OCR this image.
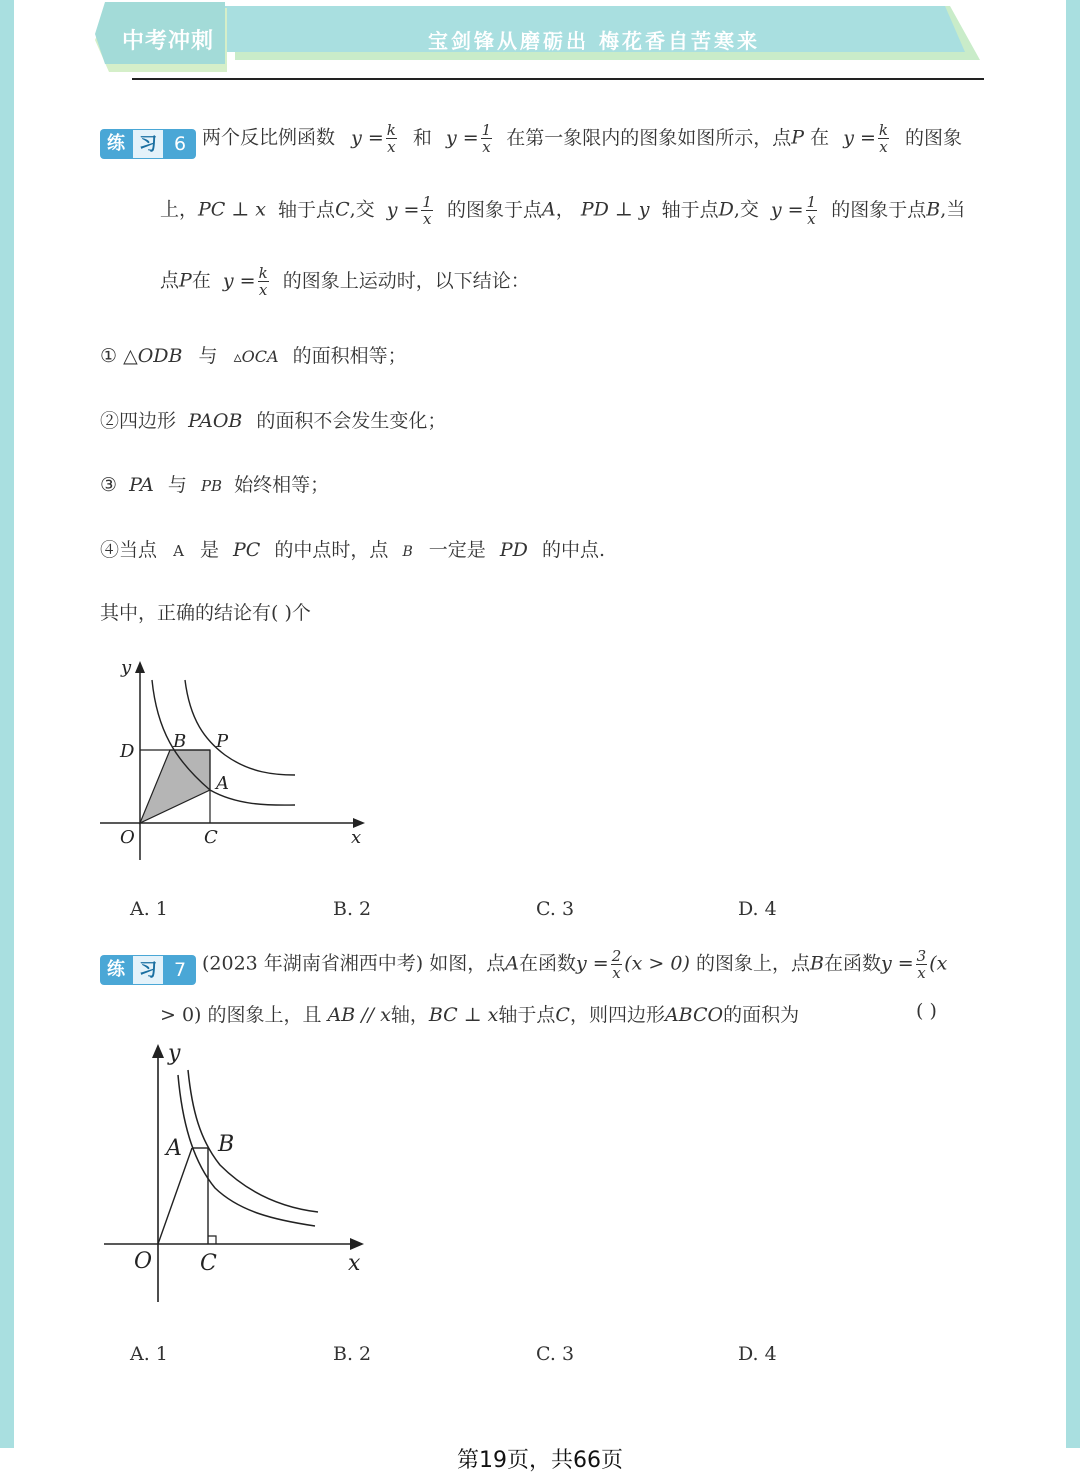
中考冲刺	宝剑锋从磨砺出 梅花香自苦寒来
练 习 6 两个反比例函数 $y = \frac{k}{x}$ 和 $y = \frac{1}{x}$ 在第一象限内的图象如图所示，点P 在 $y = \frac{k}{x}$ 的图象
上，PC ⊥ x 轴于点C,交 $y = \frac{1}{x}$ 的图象于点A， PD ⊥ y 轴于点D,交 $y = \frac{1}{x}$ 的图象于点B,当
点P在 $y = \frac{k}{x}$ 的图象上运动时，以下结论：
① △ODB 与 ▵OCA 的面积相等；
②四边形 PAOB 的面积不会发生变化；
③ PA 与 PB 始终相等；
④当点 A 是 PC 的中点时，点 B 一定是 PD 的中点.
其中，正确的结论有( )个
y
x
O
D B P
A
C
A. 1	B. 2	C. 3	D. 4
练 习 7 (2023 年湖南省湘西中考) 如图，点A在函数$y = \frac{2}{x} (x > 0)$ 的图象上，点B在函数$y = \frac{3}{x} (x$
> 0) 的图象上，且 AB // x轴，BC ⊥ x轴于点C，则四边形ABCO的面积为	( )
y
x
O
A B
C
A. 1	B. 2	C. 3	D. 4
第19页，共66页
